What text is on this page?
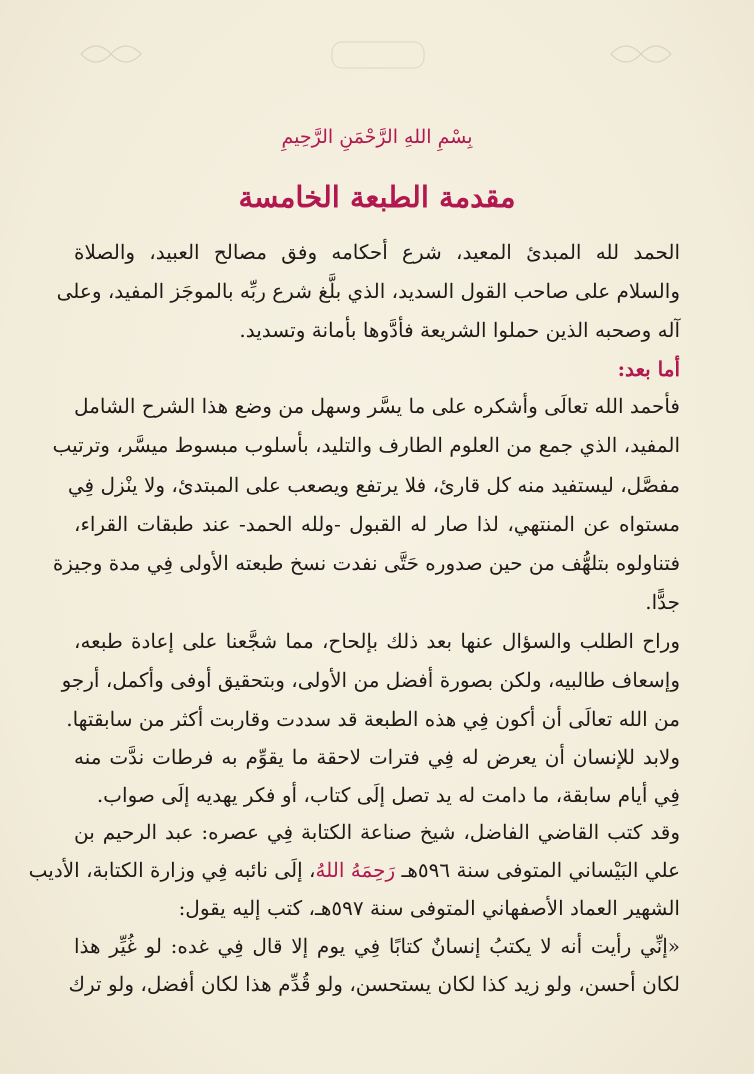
بِسْمِ اللهِ الرَّحْمَنِ الرَّحِيمِ
مقدمة الطبعة الخامسة
الحمد لله المبدئ المعيد، شرع أحكامه وفق مصالح العبيد، والصلاة
والسلام على صاحب القول السديد، الذي بلَّغ شرع ربِّه بالموجَز المفيد، وعلى
آله وصحبه الذين حملوا الشريعة فأدَّوها بأمانة وتسديد.
أما بعد:
فأحمد الله تعالَى وأشكره على ما يسَّر وسهل من وضع هذا الشرح الشامل
المفيد، الذي جمع من العلوم الطارف والتليد، بأسلوب مبسوط ميسَّر، وترتيب
مفصَّل، ليستفيد منه كل قارئ، فلا يرتفع ويصعب على المبتدئ، ولا ينْزل فِي
مستواه عن المنتهي، لذا صار له القبول -ولله الحمد- عند طبقات القراء،
فتناولوه بتلهُّف من حين صدوره حَتَّى نفدت نسخ طبعته الأولى فِي مدة وجيزة
جدًّا.
وراح الطلب والسؤال عنها بعد ذلك بإلحاح، مما شجَّعنا على إعادة طبعه،
وإسعاف طالبيه، ولكن بصورة أفضل من الأولى، وبتحقيق أوفى وأكمل، أرجو
من الله تعالَى أن أكون فِي هذه الطبعة قد سددت وقاربت أكثر من سابقتها.
ولابد للإنسان أن يعرض له فِي فترات لاحقة ما يقوِّم به فرطات ندَّت منه
فِي أيام سابقة، ما دامت له يد تصل إلَى كتاب، أو فكر يهديه إلَى صواب.
وقد كتب القاضي الفاضل، شيخ صناعة الكتابة فِي عصره: عبد الرحيم بن
علي البَيْساني المتوفى سنة ٥٩٦هـ رَحِمَهُ اللهُ، إلَى نائبه فِي وزارة الكتابة، الأديب
الشهير العماد الأصفهاني المتوفى سنة ٥٩٧هـ، كتب إليه يقول:
«إنِّي رأيت أنه لا يكتبُ إنسانٌ كتابًا فِي يوم إلا قال فِي غده: لو غُيِّر هذا
لكان أحسن، ولو زيد كذا لكان يستحسن، ولو قُدِّم هذا لكان أفضل، ولو ترك
